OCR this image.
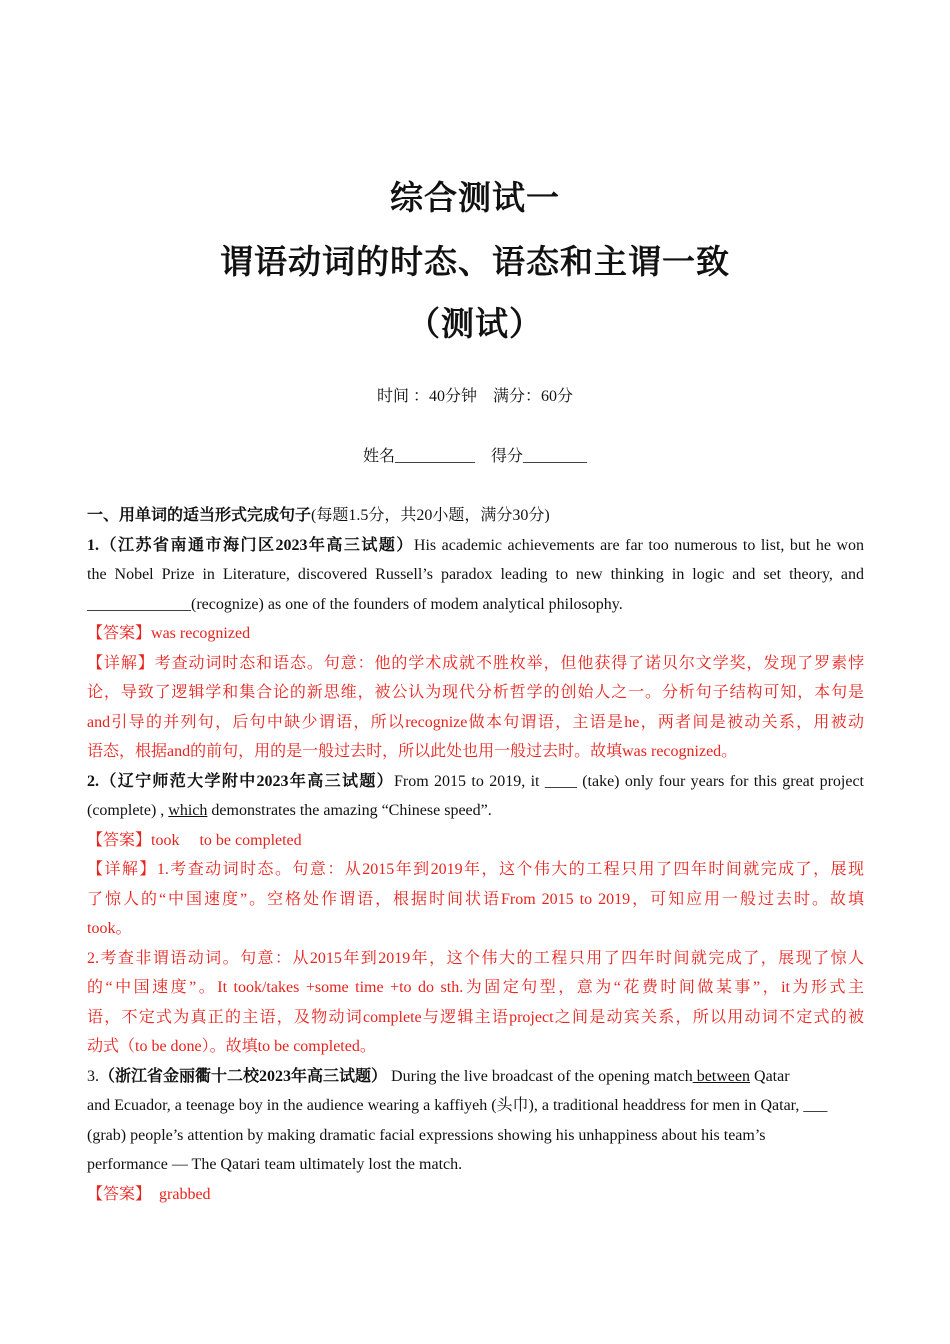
综合测试一
谓语动词的时态、语态和主谓一致
（测试）
时间 ：40分钟　满分：60分
姓名__________　得分________
一、用单词的适当形式完成句子(每题1.5分，共20小题，满分30分)
1.（江苏省南通市海门区2023年高三试题）His academic achievements are far too numerous to list, but he won
the Nobel Prize in Literature, discovered Russell’s paradox leading to new thinking in logic and set theory, and
_____________(recognize) as one of the founders of modem analytical philosophy.
【答案】was recognized
【详解】考查动词时态和语态。句意：他的学术成就不胜枚举，但他获得了诺贝尔文学奖，发现了罗素悖
论，导致了逻辑学和集合论的新思维，被公认为现代分析哲学的创始人之一。分析句子结构可知，本句是
and引导的并列句，后句中缺少谓语，所以recognize做本句谓语，主语是he，两者间是被动关系，用被动
语态，根据and的前句，用的是一般过去时，所以此处也用一般过去时。故填was recognized。
2.（辽宁师范大学附中2023年高三试题）From 2015 to 2019, it ____ (take) only four years for this great project
(complete) , which demonstrates the amazing “Chinese speed”.
【答案】took to be completed
【详解】1.考查动词时态。句意：从2015年到2019年，这个伟大的工程只用了四年时间就完成了，展现
了惊人的“中国速度”。空格处作谓语，根据时间状语From 2015 to 2019，可知应用一般过去时。故填
took。
2.考查非谓语动词。句意：从2015年到2019年，这个伟大的工程只用了四年时间就完成了，展现了惊人
的“中国速度”。It took/takes +some time +to do sth.为固定句型，意为“花费时间做某事”，it为形式主
语，不定式为真正的主语，及物动词complete与逻辑主语project之间是动宾关系，所以用动词不定式的被
动式（to be done）。故填to be completed。
3.（浙江省金丽衢十二校2023年高三试题） During the live broadcast of the opening match between Qatar
and Ecuador, a teenage boy in the audience wearing a kaffiyeh (头巾), a traditional headdress for men in Qatar, ___
(grab) people’s attention by making dramatic facial expressions showing his unhappiness about his team’s
performance — The Qatari team ultimately lost the match.
【答案】 grabbed
